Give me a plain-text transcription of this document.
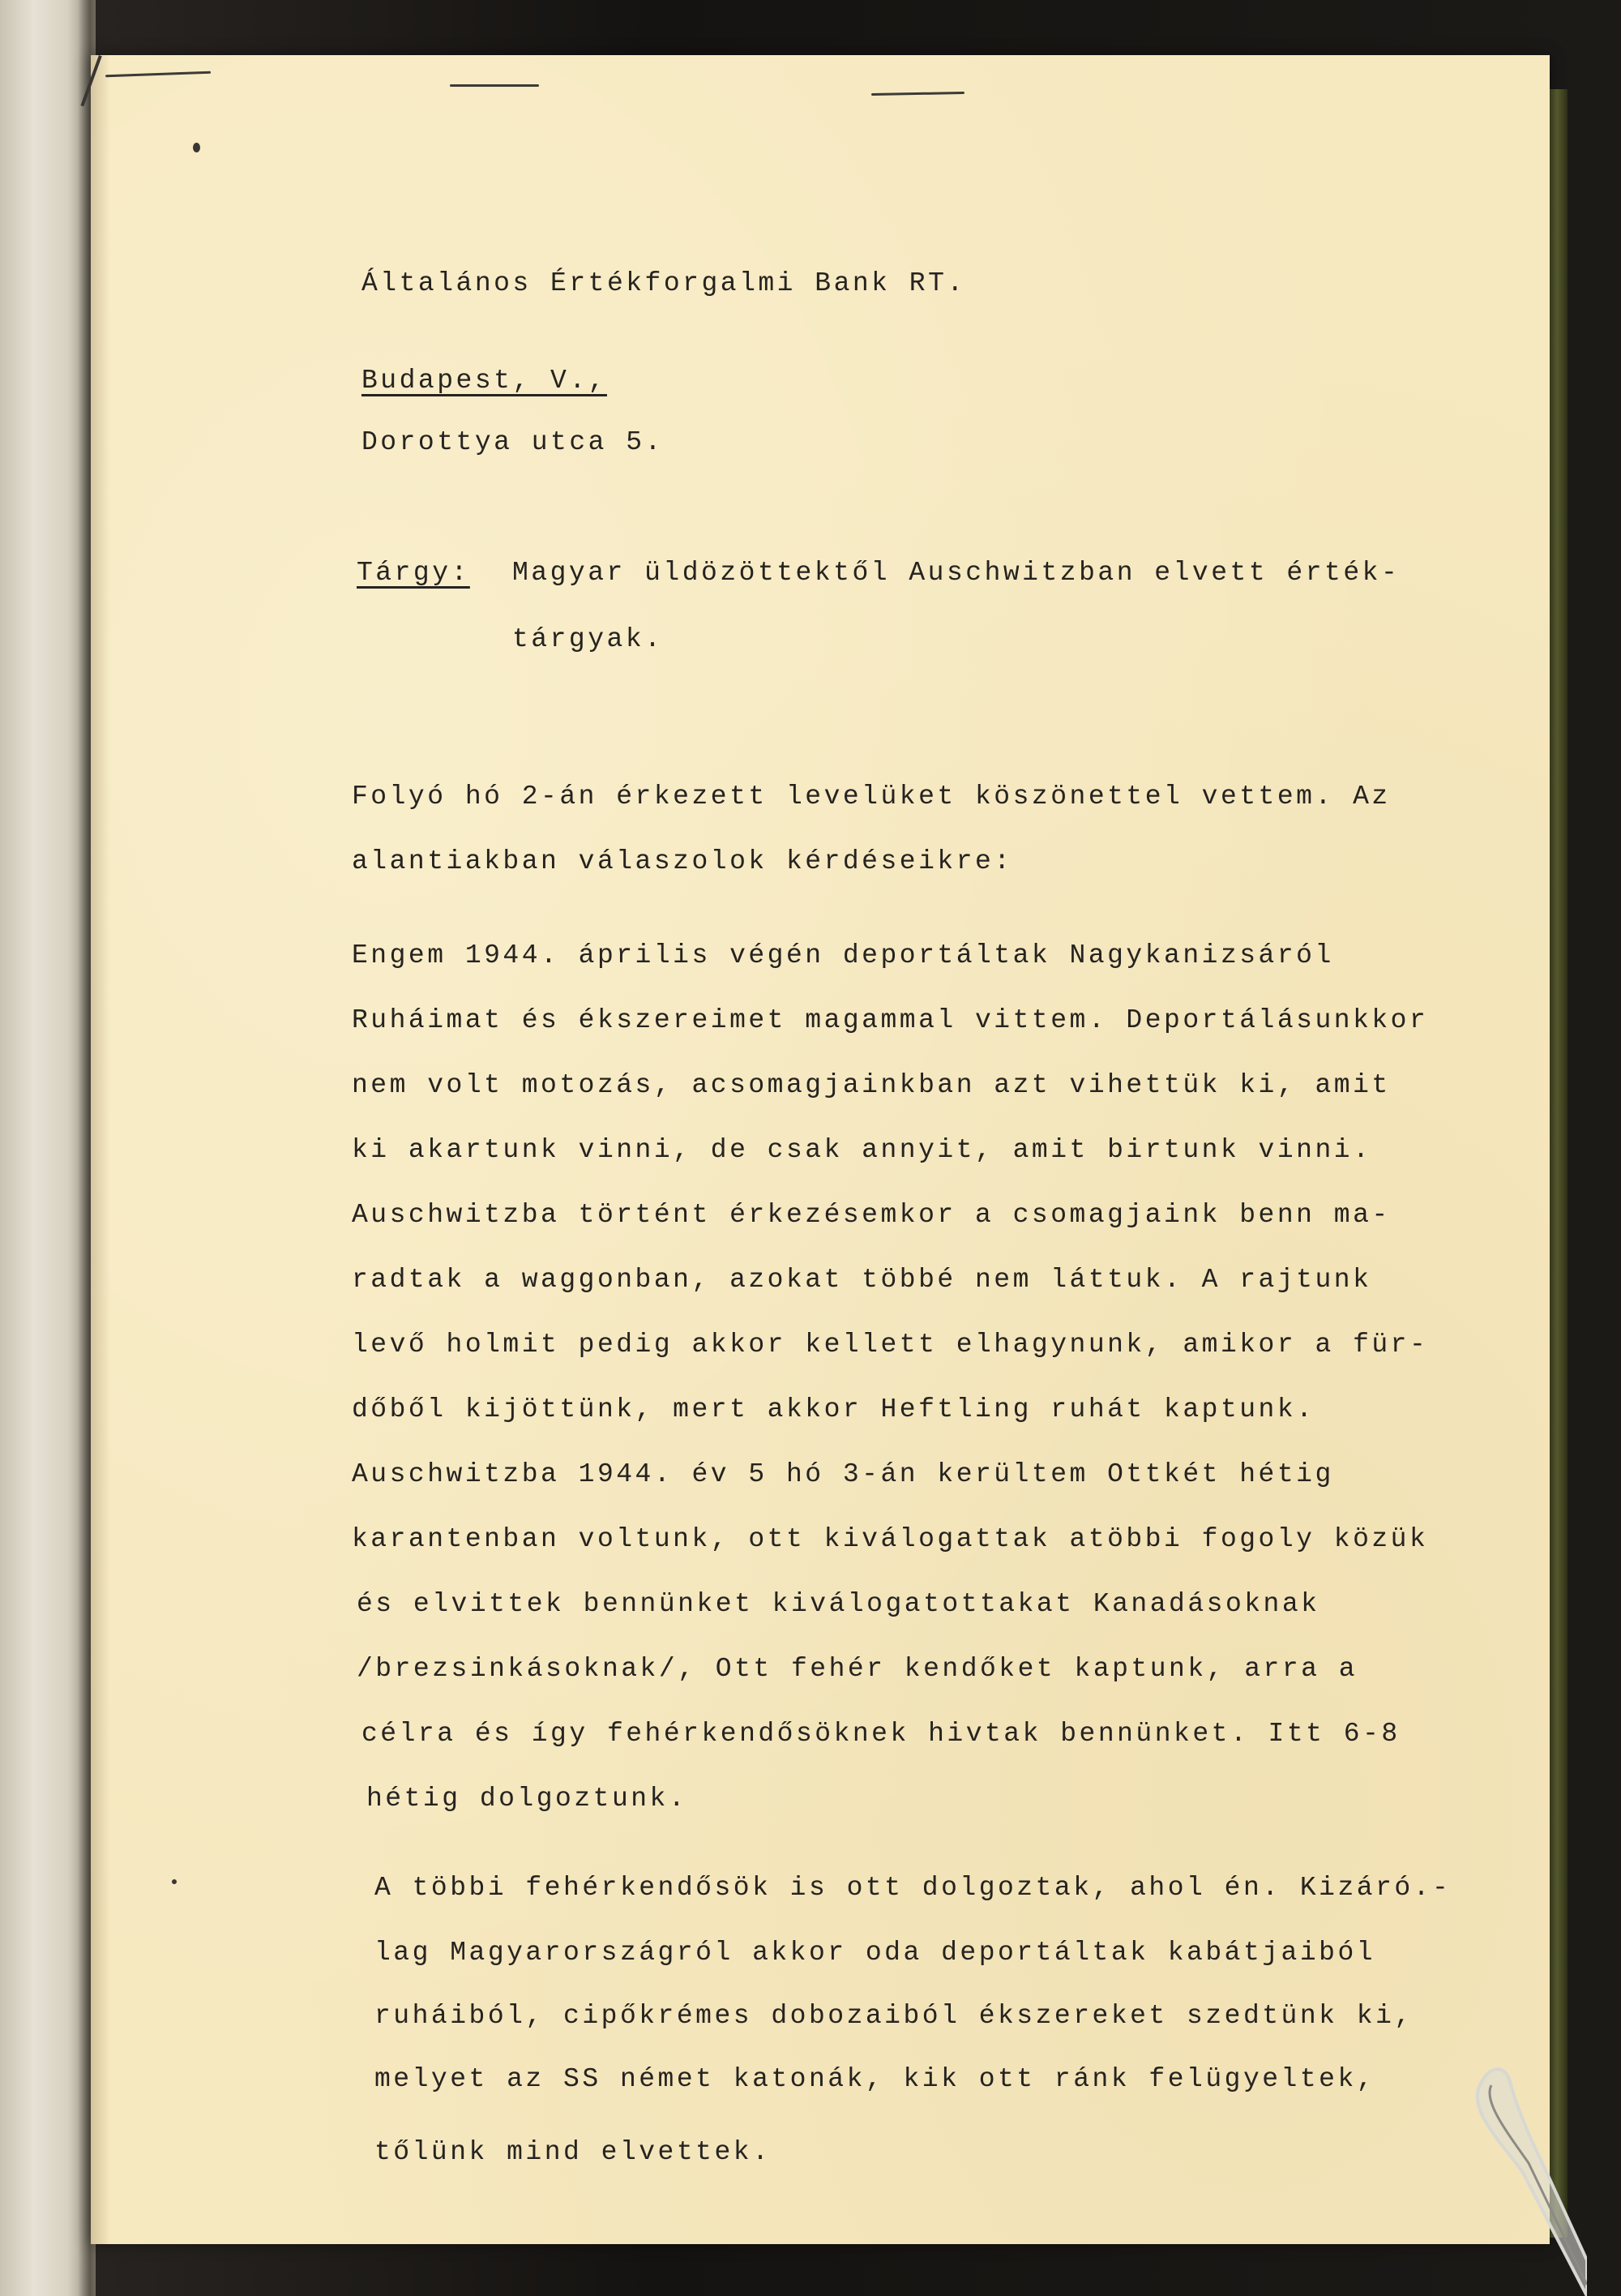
Általános Értékforgalmi Bank RT.
Budapest, V.,
Dorottya utca 5.
Tárgy: Magyar üldözöttektől Auschwitzban elvett érték-
tárgyak.
Folyó hó 2-án érkezett levelüket köszönettel vettem. Az
alantiakban válaszolok kérdéseikre:
Engem 1944. április végén deportáltak Nagykanizsáról
Ruháimat és ékszereimet magammal vittem. Deportálásunkkor
nem volt motozás, acsomagjainkban azt vihettük ki, amit
ki akartunk vinni, de csak annyit, amit birtunk vinni.
Auschwitzba történt érkezésemkor a csomagjaink benn ma-
radtak a waggonban, azokat többé nem láttuk. A rajtunk
levő holmit pedig akkor kellett elhagynunk, amikor a für-
dőből kijöttünk, mert akkor Heftling ruhát kaptunk.
Auschwitzba 1944. év 5 hó 3-án kerültem Ottkét hétig
karantenban voltunk, ott kiválogattak atöbbi fogoly közük
és elvittek bennünket kiválogatottakat Kanadásoknak
/brezsinkásoknak/, Ott fehér kendőket kaptunk, arra a
célra és így fehérkendősöknek hivtak bennünket. Itt 6-8
hétig dolgoztunk.
A többi fehérkendősök is ott dolgoztak, ahol én. Kizáró.-
lag Magyarországról akkor oda deportáltak kabátjaiból
ruháiból, cipőkrémes dobozaiból ékszereket szedtünk ki,
melyet az SS német katonák, kik ott ránk felügyeltek,
tőlünk mind elvettek.
